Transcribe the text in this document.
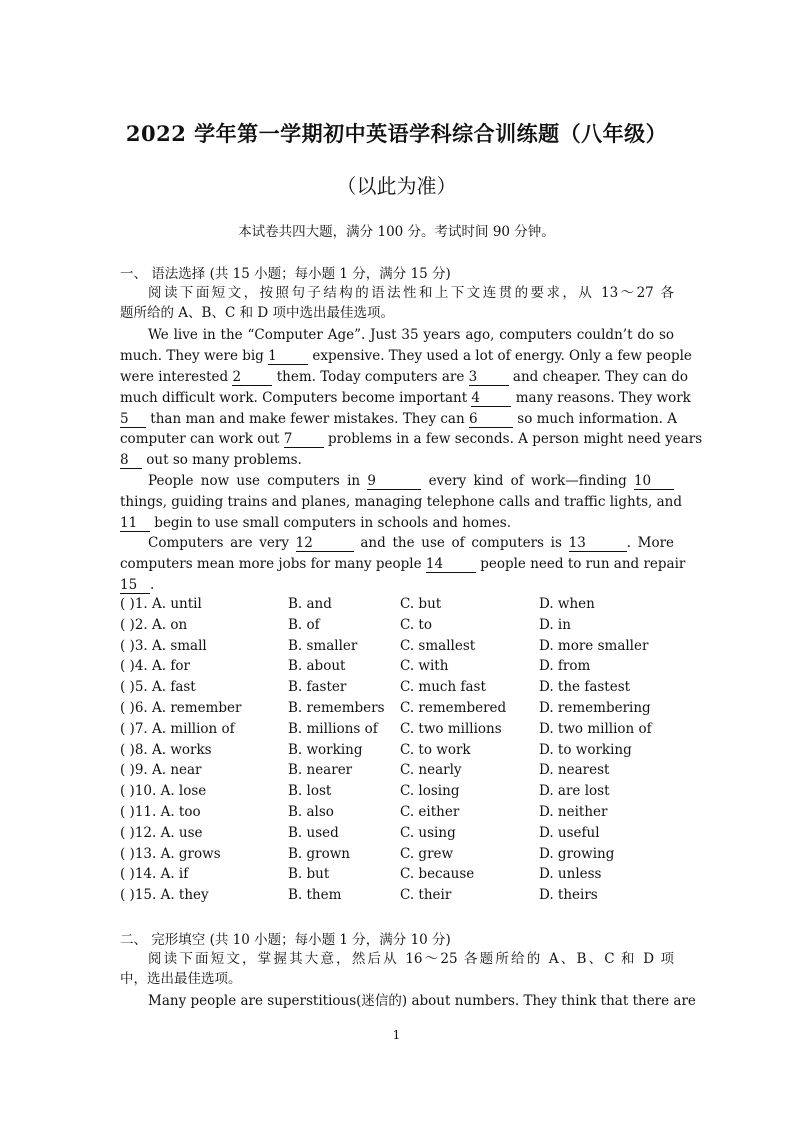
2022 学年第一学期初中英语学科综合训练题（八年级）
（以此为准）
本试卷共四大题，满分 100 分。考试时间 90 分钟。
一、 语法选择 (共 15 小题；每小题 1 分，满分 15 分)
阅读下面短文，按照句子结构的语法性和上下文连贯的要求，从 13～27 各
题所给的 A、B、C 和 D 项中选出最佳选项。
We live in the “Computer Age”. Just 35 years ago, computers couldn’t do so
much. They were big 1	expensive. They used a lot of energy. Only a few people
were interested 2	them. Today computers are 3	and cheaper. They can do
much difficult work. Computers become important 4	many reasons. They work
5 than man and make fewer mistakes. They can 6	so much information. A
computer can work out 7	problems in a few seconds. A person might need years
8 out so many problems.
People now use computers in 9	every kind of work—finding 10
things, guiding trains and planes, managing telephone calls and traffic lights, and
11 begin to use small computers in schools and homes.
Computers are very 12	and the use of computers is 13	. More
computers mean more jobs for many people 14	people need to run and repair
15 .
( )1. A. until	B. and	C. but	D. when
( )2. A. on	B. of	C. to	D. in
( )3. A. small	B. smaller	C. smallest	D. more smaller
( )4. A. for	B. about	C. with	D. from
( )5. A. fast	B. faster	C. much fast	D. the fastest
( )6. A. remember	B. remembers C. remembered D. remembering
( )7. A. million of	B. millions of C. two millions	D. two million of
( )8. A. works	B. working	C. to work	D. to working
( )9. A. near	B. nearer	C. nearly	D. nearest
( )10. A. lose	B. lost	C. losing	D. are lost
( )11. A. too	B. also	C. either	D. neither
( )12. A. use	B. used	C. using	D. useful
( )13. A. grows	B. grown	C. grew	D. growing
( )14. A. if	B. but	C. because	D. unless
( )15. A. they	B. them	C. their	D. theirs
二、 完形填空 (共 10 小题；每小题 1 分，满分 10 分)
阅读下面短文，掌握其大意，然后从 16～25 各题所给的 A、B、C 和 D 项
中，选出最佳选项。
Many people are superstitious(迷信的) about numbers. They think that there are
1
